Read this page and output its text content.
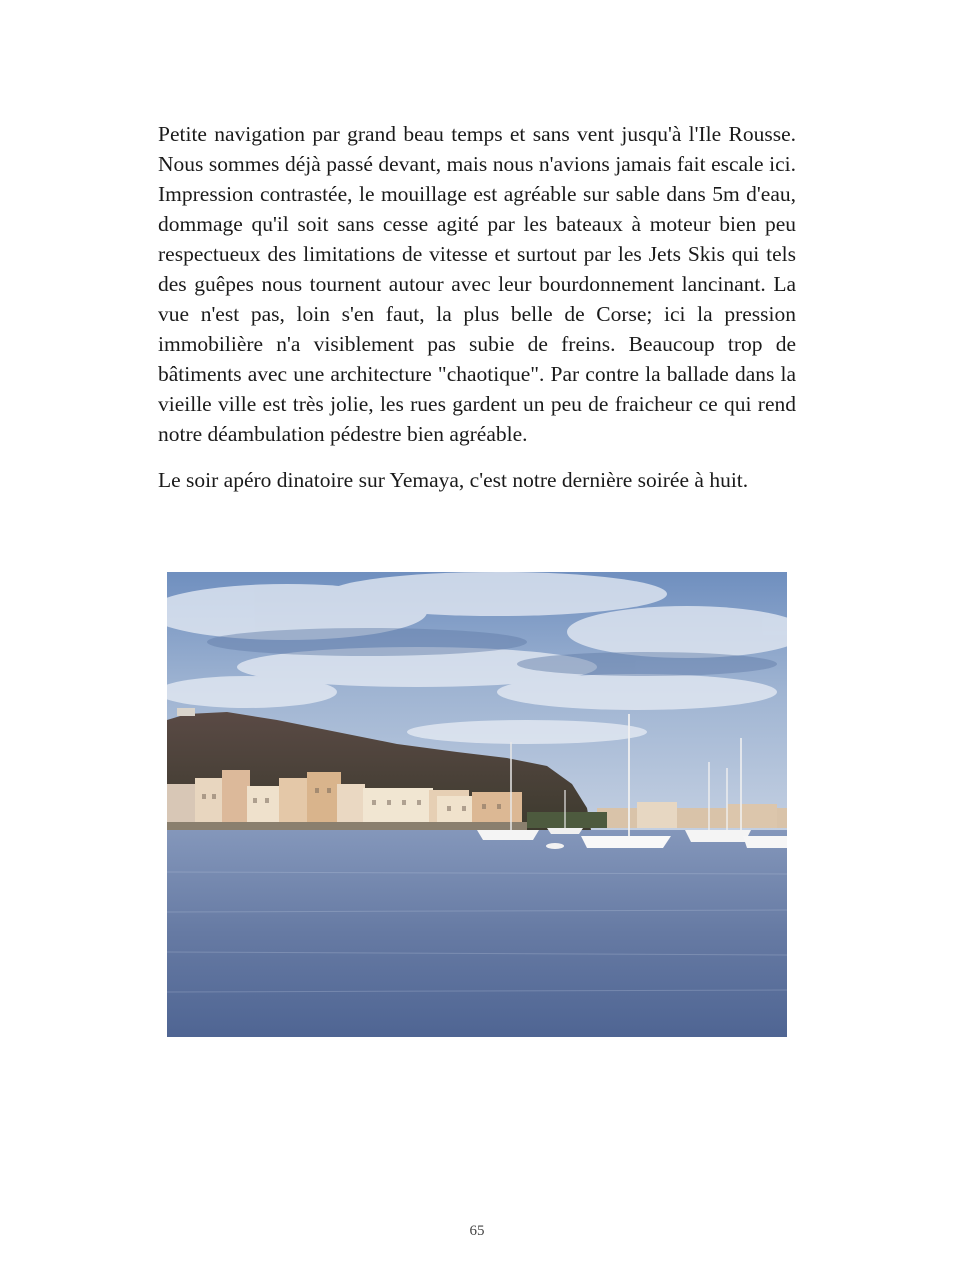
Petite navigation par grand beau temps et sans vent jusqu'à l'Ile Rousse. Nous sommes déjà passé devant, mais nous n'avions jamais fait escale ici. Impression contrastée, le mouillage est agréable sur sable dans 5m d'eau, dommage qu'il soit sans cesse agité par les bateaux à moteur bien peu respectueux des limitations de vitesse et surtout par les Jets Skis qui tels des guêpes nous tournent autour avec leur bourdonnement lancinant. La vue n'est pas, loin s'en faut, la plus belle de Corse; ici la pression immobilière n'a visiblement pas subie de freins. Beaucoup trop de bâtiments avec une architecture "chaotique". Par contre la ballade dans la vieille ville est très jolie, les rues gardent un peu de fraicheur ce qui rend notre déambulation pédestre bien agréable.

Le soir apéro dinatoire sur Yemaya, c'est notre dernière soirée à huit.

65
